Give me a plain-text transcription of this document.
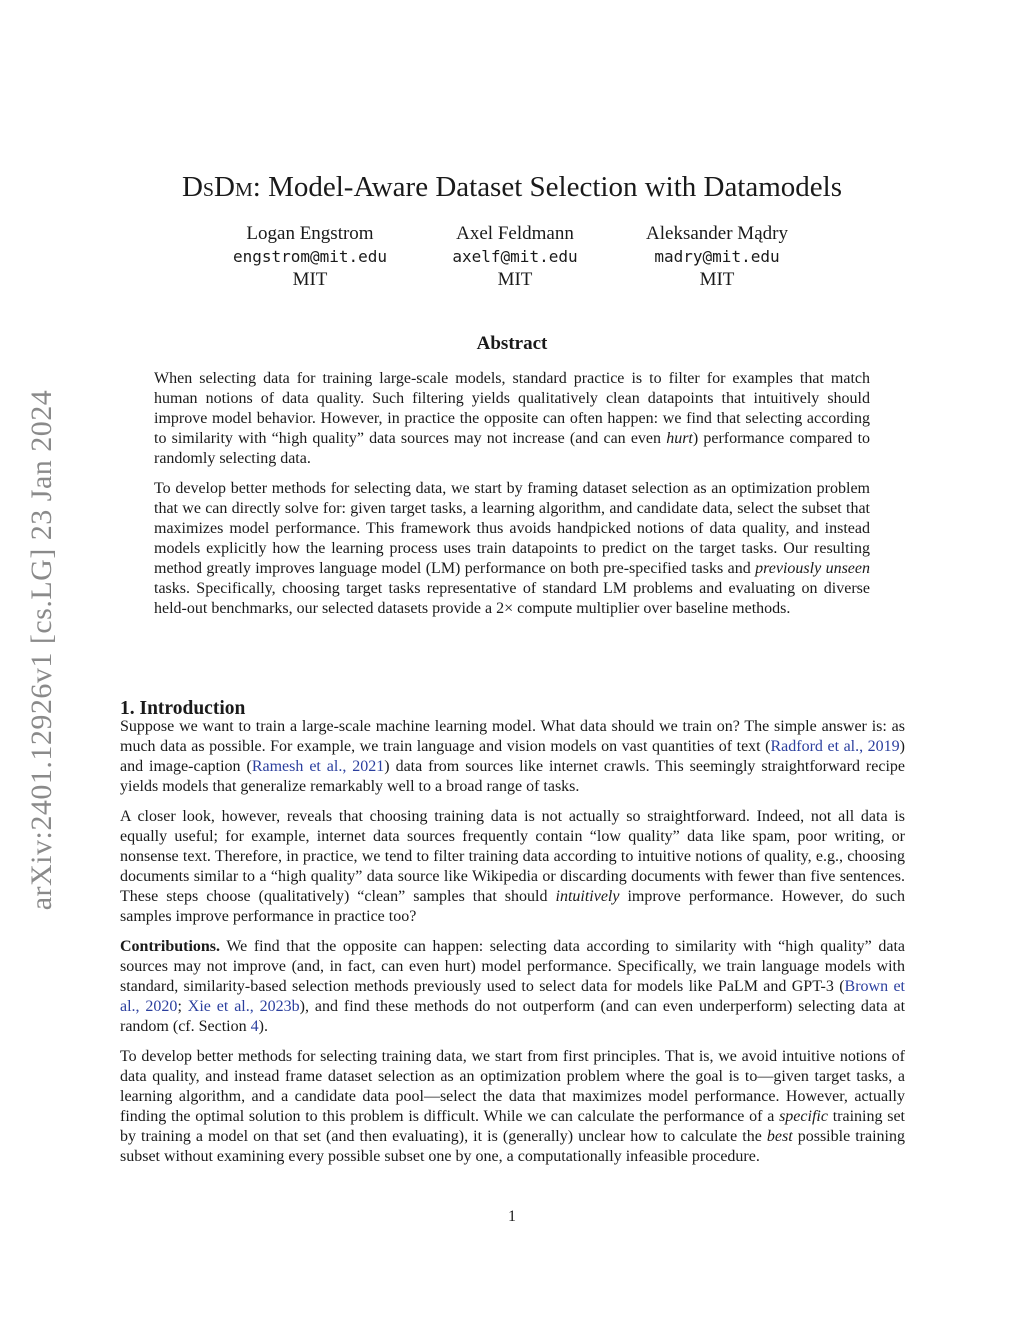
arXiv:2401.12926v1 [cs.LG] 23 Jan 2024
DsDm: Model-Aware Dataset Selection with Datamodels
Logan Engstrom
engstrom@mit.edu
MIT
Axel Feldmann
axelf@mit.edu
MIT
Aleksander Mądry
madry@mit.edu
MIT
Abstract

When selecting data for training large-scale models, standard practice is to filter for examples that match human notions of data quality. Such filtering yields qualitatively clean datapoints that intuitively should improve model behavior. However, in practice the opposite can often happen: we find that selecting according to similarity with “high quality” data sources may not increase (and can even hurt) performance compared to randomly selecting data.

To develop better methods for selecting data, we start by framing dataset selection as an optimization problem that we can directly solve for: given target tasks, a learning algorithm, and candidate data, select the subset that maximizes model performance. This framework thus avoids handpicked notions of data quality, and instead models explicitly how the learning process uses train datapoints to predict on the target tasks. Our resulting method greatly improves language model (LM) performance on both pre-specified tasks and previously unseen tasks. Specifically, choosing target tasks representative of standard LM problems and evaluating on diverse held-out benchmarks, our selected datasets provide a 2× compute multiplier over baseline methods.

1. Introduction

Suppose we want to train a large-scale machine learning model. What data should we train on? The simple answer is: as much data as possible. For example, we train language and vision models on vast quantities of text (Radford et al., 2019) and image-caption (Ramesh et al., 2021) data from sources like internet crawls. This seemingly straightforward recipe yields models that generalize remarkably well to a broad range of tasks.

A closer look, however, reveals that choosing training data is not actually so straightforward. Indeed, not all data is equally useful; for example, internet data sources frequently contain “low quality” data like spam, poor writing, or nonsense text. Therefore, in practice, we tend to filter training data according to intuitive notions of quality, e.g., choosing documents similar to a “high quality” data source like Wikipedia or discarding documents with fewer than five sentences. These steps choose (qualitatively) “clean” samples that should intuitively improve performance. However, do such samples improve performance in practice too?

Contributions. We find that the opposite can happen: selecting data according to similarity with “high quality” data sources may not improve (and, in fact, can even hurt) model performance. Specifically, we train language models with standard, similarity-based selection methods previously used to select data for models like PaLM and GPT-3 (Brown et al., 2020; Xie et al., 2023b), and find these methods do not outperform (and can even underperform) selecting data at random (cf. Section 4).

To develop better methods for selecting training data, we start from first principles. That is, we avoid intuitive notions of data quality, and instead frame dataset selection as an optimization problem where the goal is to—given target tasks, a learning algorithm, and a candidate data pool—select the data that maximizes model performance. However, actually finding the optimal solution to this problem is difficult. While we can calculate the performance of a specific training set by training a model on that set (and then evaluating), it is (generally) unclear how to calculate the best possible training subset without examining every possible subset one by one, a computationally infeasible procedure.

1
